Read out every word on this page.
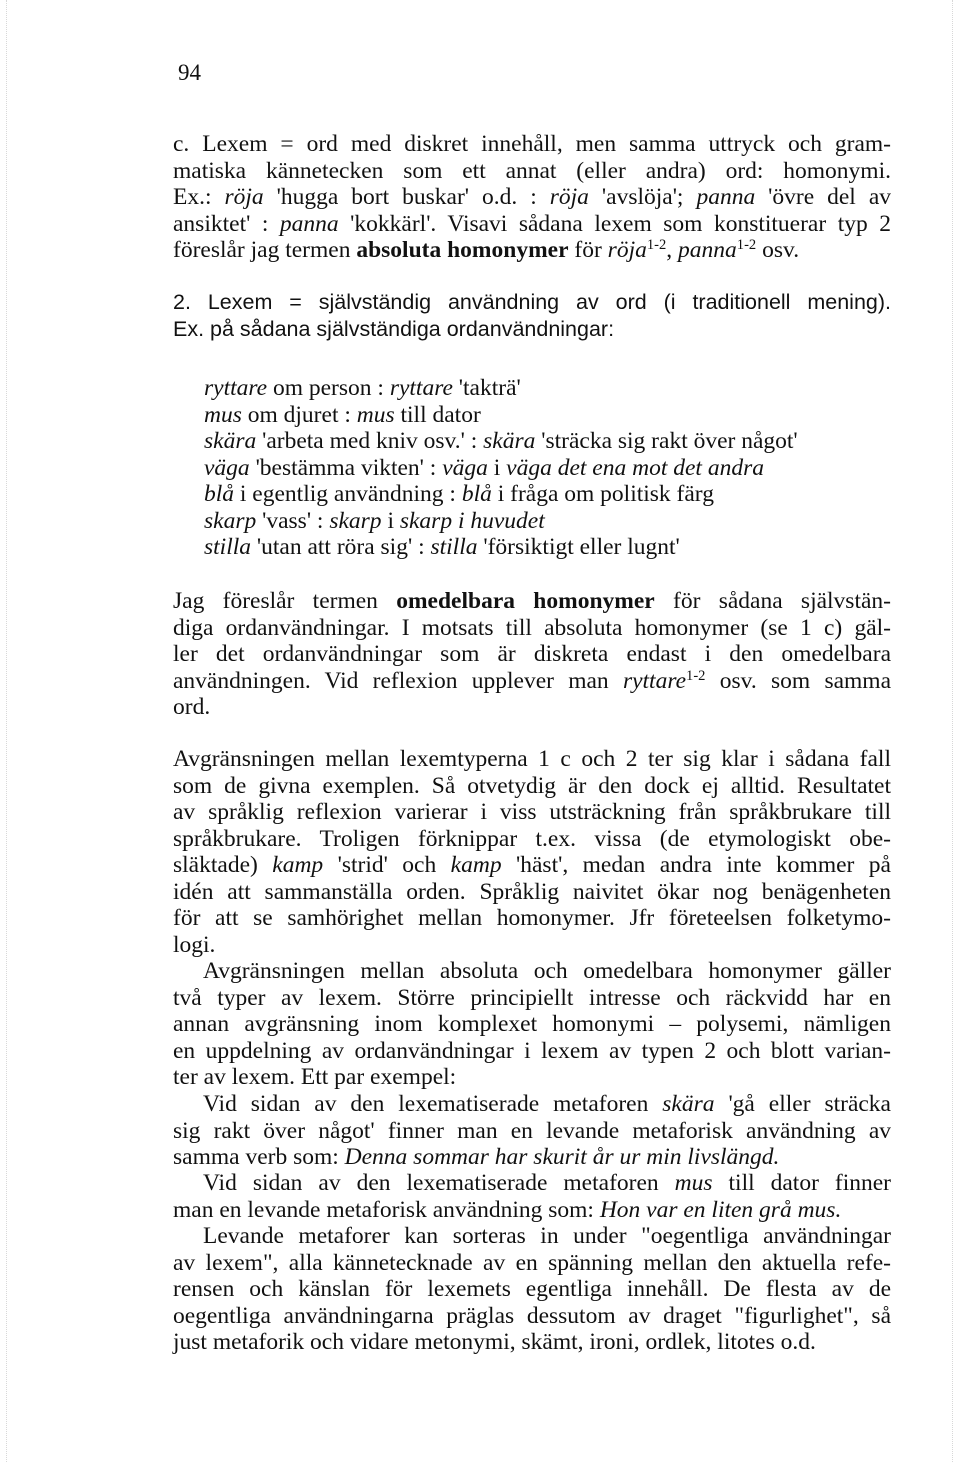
94
c. Lexem = ord med diskret innehåll, men samma uttryck och gram-
matiska kännetecken som ett annat (eller andra) ord: homonymi.
Ex.: röja 'hugga bort buskar' o.d. : röja 'avslöja'; panna 'övre del av
ansiktet' : panna 'kokkärl'. Visavi sådana lexem som konstituerar typ 2
föreslår jag termen absoluta homonymer för röja$^{1-2}$, panna$^{1-2}$ osv.
2. Lexem = självständig användning av ord (i traditionell mening).
Ex. på sådana självständiga ordanvändningar:
ryttare om person : ryttare 'takträ'
mus om djuret : mus till dator
skära 'arbeta med kniv osv.' : skära 'sträcka sig rakt över något'
väga 'bestämma vikten' : väga i väga det ena mot det andra
blå i egentlig användning : blå i fråga om politisk färg
skarp 'vass' : skarp i skarp i huvudet
stilla 'utan att röra sig' : stilla 'försiktigt eller lugnt'
Jag föreslår termen omedelbara homonymer för sådana självstän-
diga ordanvändningar. I motsats till absoluta homonymer (se 1 c) gäl-
ler det ordanvändningar som är diskreta endast i den omedelbara
användningen. Vid reflexion upplever man ryttare$^{1-2}$ osv. som samma
ord.
Avgränsningen mellan lexemtyperna 1 c och 2 ter sig klar i sådana fall
som de givna exemplen. Så otvetydig är den dock ej alltid. Resultatet
av språklig reflexion varierar i viss utsträckning från språkbrukare till
språkbrukare. Troligen förknippar t.ex. vissa (de etymologiskt obe-
släktade) kamp 'strid' och kamp 'häst', medan andra inte kommer på
idén att sammanställa orden. Språklig naivitet ökar nog benägenheten
för att se samhörighet mellan homonymer. Jfr företeelsen folketymo-
logi.
Avgränsningen mellan absoluta och omedelbara homonymer gäller
två typer av lexem. Större principiellt intresse och räckvidd har en
annan avgränsning inom komplexet homonymi – polysemi, nämligen
en uppdelning av ordanvändningar i lexem av typen 2 och blott varian-
ter av lexem. Ett par exempel:
Vid sidan av den lexematiserade metaforen skära 'gå eller sträcka
sig rakt över något' finner man en levande metaforisk användning av
samma verb som: Denna sommar har skurit år ur min livslängd.
Vid sidan av den lexematiserade metaforen mus till dator finner
man en levande metaforisk användning som: Hon var en liten grå mus.
Levande metaforer kan sorteras in under "oegentliga användningar
av lexem", alla kännetecknade av en spänning mellan den aktuella refe-
rensen och känslan för lexemets egentliga innehåll. De flesta av de
oegentliga användningarna präglas dessutom av draget "figurlighet", så
just metaforik och vidare metonymi, skämt, ironi, ordlek, litotes o.d.
